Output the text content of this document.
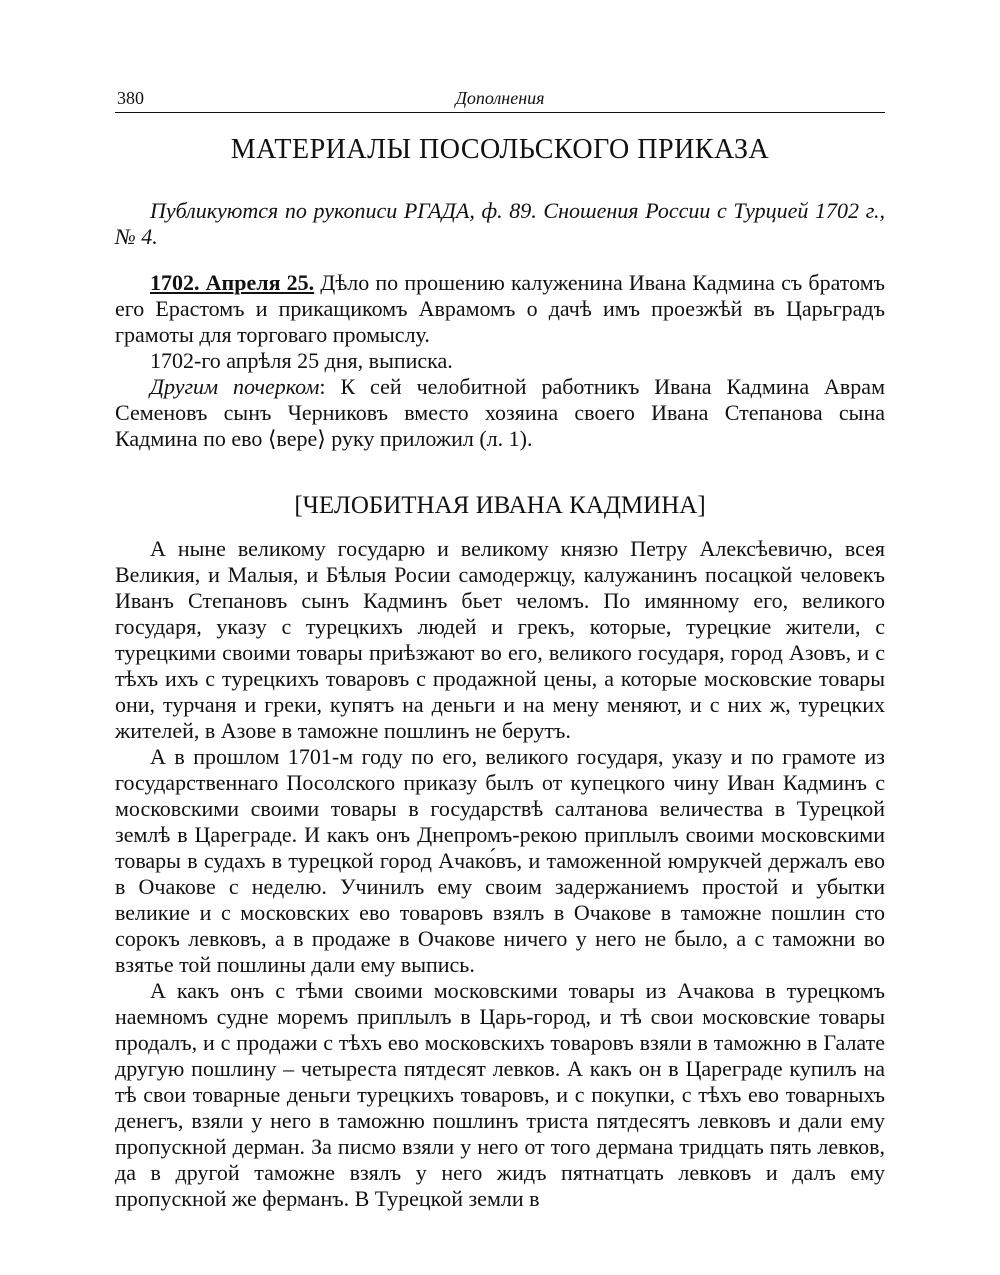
380	Дополнения
МАТЕРИАЛЫ ПОСОЛЬСКОГО ПРИКАЗА

Публикуются по рукописи РГАДА, ф. 89. Сношения России с Турцией 1702 г., № 4.

1702. Апреля 25. Дѣло по прошению калуженина Ивана Кадмина съ братомъ его Ерастомъ и прикащикомъ Аврамомъ о дачѣ имъ проезжѣй въ Царьградъ грамоты для торговаго промыслу.

1702-го апрѣля 25 дня, выписка.

Другим почерком: К сей челобитной работникъ Ивана Кадмина Аврам Семеновъ сынъ Черниковъ вместо хозяина своего Ивана Степанова сына Кадмина по ево ⟨вере⟩ руку приложил (л. 1).

[ЧЕЛОБИТНАЯ ИВАНА КАДМИНА]

А ныне великому государю и великому князю Петру Алексѣевичю, всея Великия, и Малыя, и Бѣлыя Росии самодержцу, калужанинъ посацкой человекъ Иванъ Степановъ сынъ Кадминъ бьет челомъ. По имянному его, великого государя, указу с турецкихъ людей и грекъ, которые, турецкие жители, с турецкими своими товары приѣзжают во его, великого государя, город Азовъ, и с тѣхъ ихъ с турецкихъ товаровъ с продажной цены, а которые московские товары они, турчаня и греки, купятъ на деньги и на мену меняют, и с них ж, турецких жителей, в Азове в таможне пошлинъ не берутъ.

А в прошлом 1701-м году по его, великого государя, указу и по грамоте из государственнаго Посолского приказу былъ от купецкого чину Иван Кадминъ с московскими своими товары в государствѣ салтанова величества в Турецкой землѣ в Цареграде. И какъ онъ Днепромъ-рекою приплылъ своими московскими товары в судахъ в турецкой город Ачако́въ, и таможенной юмрукчей держалъ ево в Очакове с неделю. Учинилъ ему своим задержаниемъ простой и убытки великие и с московских ево товаровъ взялъ в Очакове в таможне пошлин сто сорокъ левковъ, а в продаже в Очакове ничего у него не было, а с таможни во взятье той пошлины дали ему выпись.

А какъ онъ с тѣми своими московскими товары из Ачакова в турецкомъ наемномъ судне моремъ приплылъ в Царь-город, и тѣ свои московские товары продалъ, и с продажи с тѣхъ ево московскихъ товаровъ взяли в таможню в Галате другую пошлину – четыреста пятдесят левков. А какъ он в Цареграде купилъ на тѣ свои товарные деньги турецкихъ товаровъ, и с покупки, с тѣхъ ево товарныхъ денегъ, взяли у него в таможню пошлинъ триста пятдесятъ левковъ и дали ему пропускной дерман. За писмо взяли у него от того дермана тридцать пять левков, да в другой таможне взялъ у него жидъ пятнатцать левковъ и далъ ему пропускной же ферманъ. В Турецкой земли в
